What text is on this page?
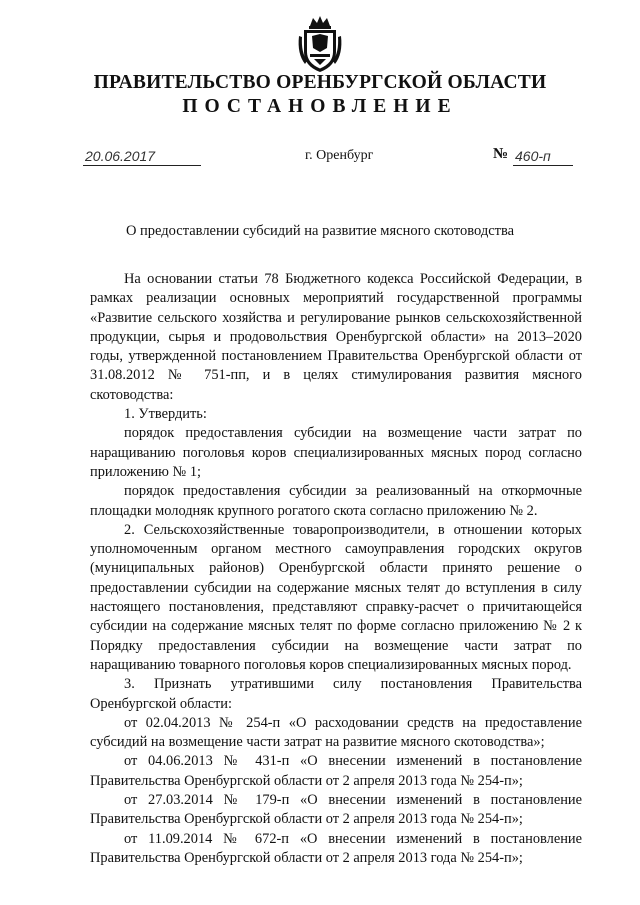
ПРАВИТЕЛЬСТВО ОРЕНБУРГСКОЙ ОБЛАСТИ
ПОСТАНОВЛЕНИЕ
20.06.2017	г. Оренбург	№ 460-п
О предоставлении субсидий на развитие мясного скотоводства

На основании статьи 78 Бюджетного кодекса Российской Федерации, в рамках реализации основных мероприятий государственной программы «Развитие сельского хозяйства и регулирование рынков сельскохозяйственной продукции, сырья и продовольствия Оренбургской области» на 2013–2020 годы, утвержденной постановлением Правительства Оренбургской области от 31.08.2012 № 751-пп, и в целях стимулирования развития мясного скотоводства:

1. Утвердить:

порядок предоставления субсидии на возмещение части затрат по наращиванию поголовья коров специализированных мясных пород согласно приложению № 1;

порядок предоставления субсидии за реализованный на откормочные площадки молодняк крупного рогатого скота согласно приложению № 2.

2. Сельскохозяйственные товаропроизводители, в отношении которых уполномоченным органом местного самоуправления городских округов (муниципальных районов) Оренбургской области принято решение о предоставлении субсидии на содержание мясных телят до вступления в силу настоящего постановления, представляют справку-расчет о причитающейся субсидии на содержание мясных телят по форме согласно приложению № 2 к Порядку предоставления субсидии на возмещение части затрат по наращиванию товарного поголовья коров специализированных мясных пород.

3. Признать утратившими силу постановления Правительства Оренбургской области:

от 02.04.2013 № 254-п «О расходовании средств на предоставление субсидий на возмещение части затрат на развитие мясного скотоводства»;

от 04.06.2013 № 431-п «О внесении изменений в постановление Правительства Оренбургской области от 2 апреля 2013 года № 254-п»;

от 27.03.2014 № 179-п «О внесении изменений в постановление Правительства Оренбургской области от 2 апреля 2013 года № 254-п»;

от 11.09.2014 № 672-п «О внесении изменений в постановление Правительства Оренбургской области от 2 апреля 2013 года № 254-п»;
